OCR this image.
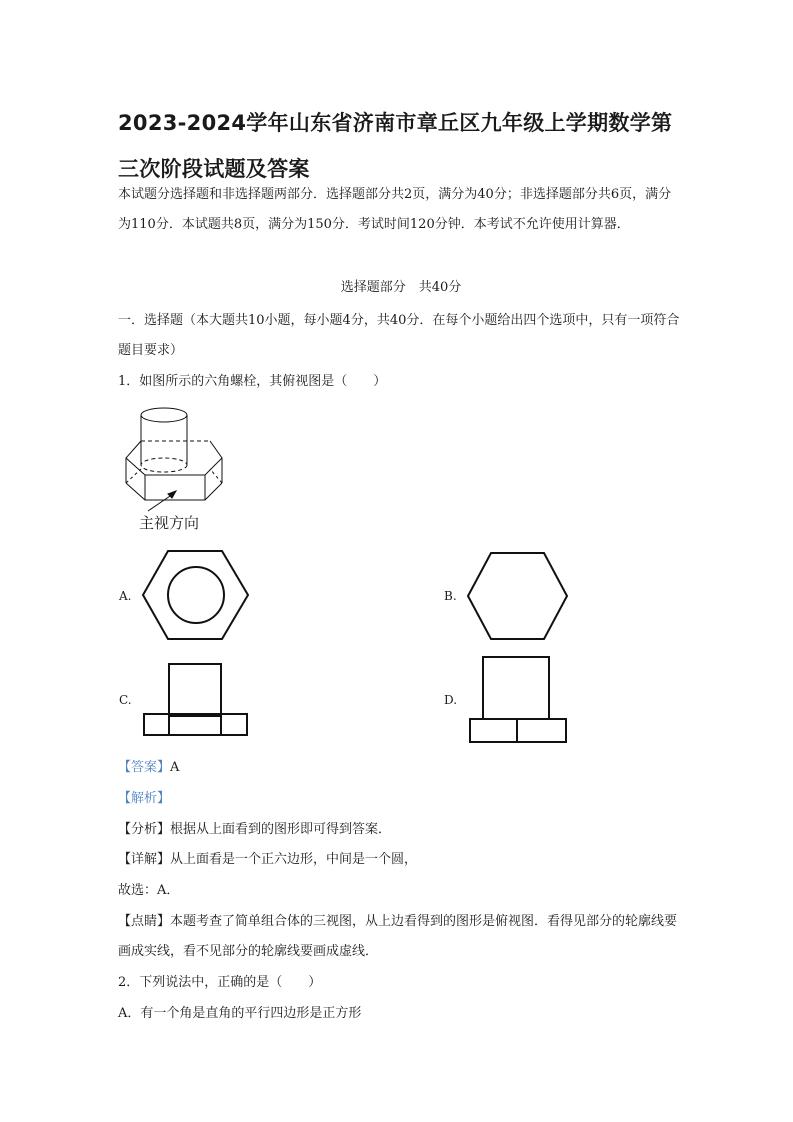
2023-2024学年山东省济南市章丘区九年级上学期数学第三次阶段试题及答案
本试题分选择题和非选择题两部分．选择题部分共2页，满分为40分；非选择题部分共6页，满分为110分．本试题共8页，满分为150分．考试时间120分钟．本考试不允许使用计算器．
选择题部分　共40分
一．选择题（本大题共10小题，每小题4分，共40分．在每个小题给出四个选项中，只有一项符合题目要求）
1．如图所示的六角螺栓，其俯视图是（　　）
主视方向
A.	B.
C.	D.
【答案】A
【解析】
【分析】根据从上面看到的图形即可得到答案．
【详解】从上面看是一个正六边形，中间是一个圆，
故选：A．
【点睛】本题考查了简单组合体的三视图，从上边看得到的图形是俯视图．看得见部分的轮廓线要画成实线，看不见部分的轮廓线要画成虚线．
2．下列说法中，正确的是（　　）
A．有一个角是直角的平行四边形是正方形
